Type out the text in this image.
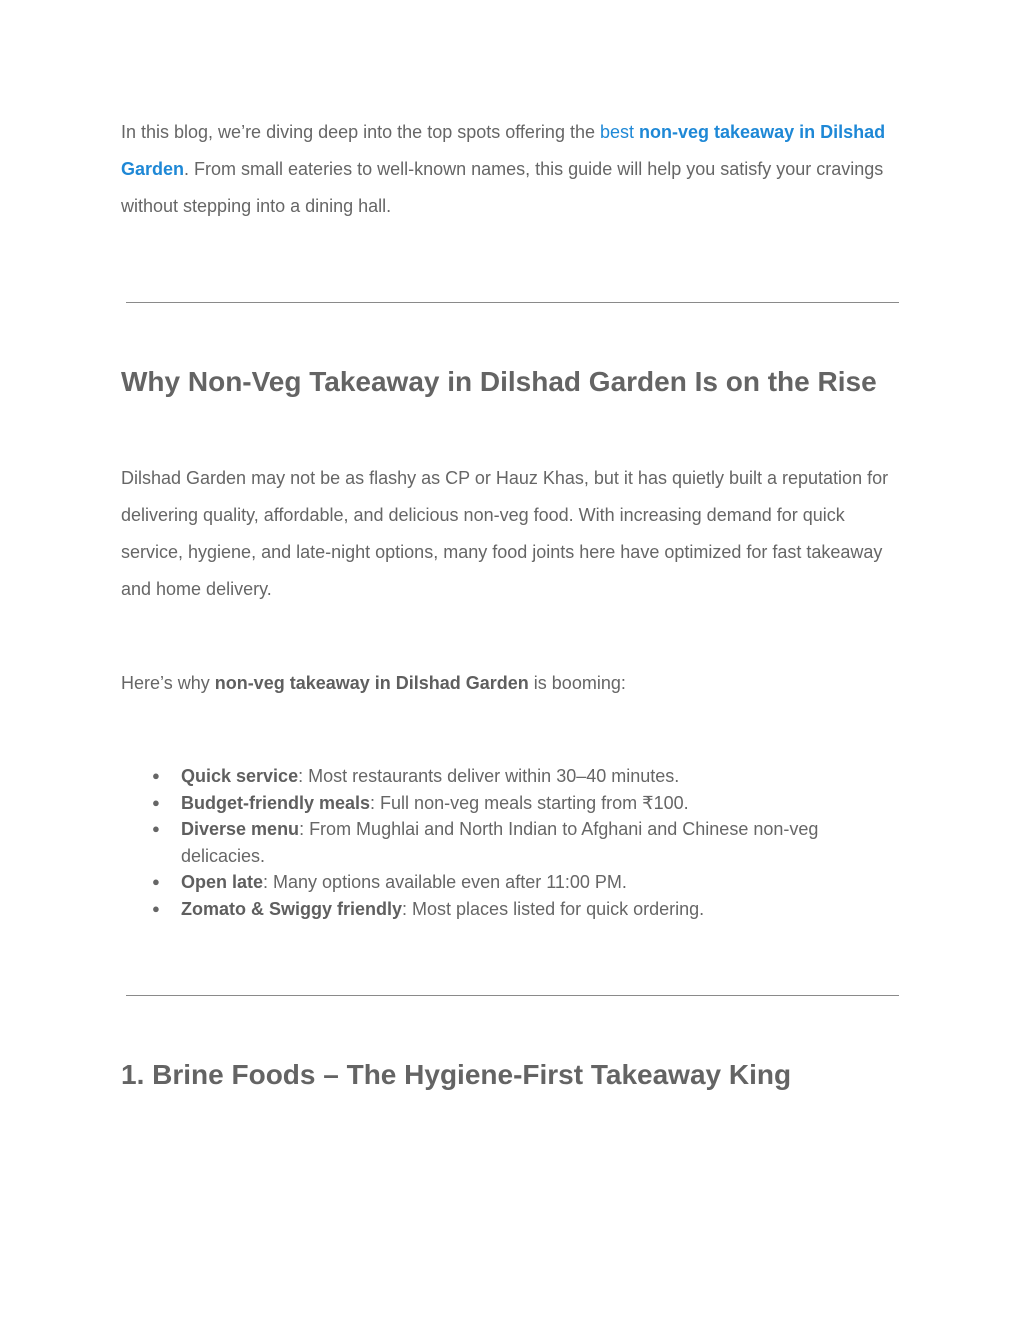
In this blog, we’re diving deep into the top spots offering the best non-veg takeaway in Dilshad Garden. From small eateries to well-known names, this guide will help you satisfy your cravings without stepping into a dining hall.

Why Non-Veg Takeaway in Dilshad Garden Is on the Rise

Dilshad Garden may not be as flashy as CP or Hauz Khas, but it has quietly built a reputation for delivering quality, affordable, and delicious non-veg food. With increasing demand for quick service, hygiene, and late-night options, many food joints here have optimized for fast takeaway and home delivery.

Here’s why non-veg takeaway in Dilshad Garden is booming:

● Quick service: Most restaurants deliver within 30–40 minutes.
● Budget-friendly meals: Full non-veg meals starting from ₹100.
● Diverse menu: From Mughlai and North Indian to Afghani and Chinese non-veg delicacies.
● Open late: Many options available even after 11:00 PM.
● Zomato & Swiggy friendly: Most places listed for quick ordering.
1. Brine Foods – The Hygiene-First Takeaway King
